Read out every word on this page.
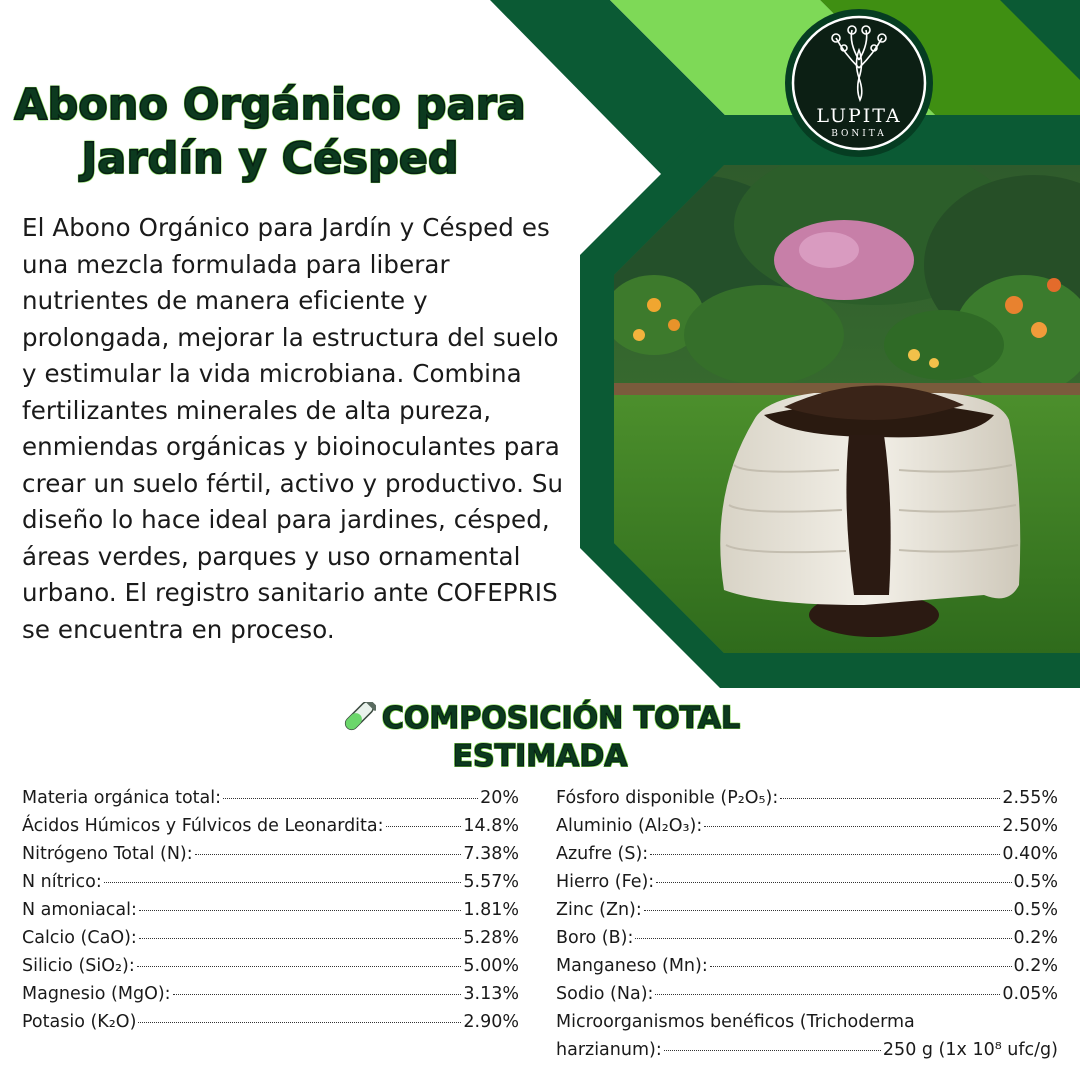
LUPITA
BONITA
Abono Orgánico para
Jardín y Césped

El Abono Orgánico para Jardín y Césped es una mezcla formulada para liberar nutrientes de manera eficiente y prolongada, mejorar la estructura del suelo y estimular la vida microbiana. Combina fertilizantes minerales de alta pureza, enmiendas orgánicas y bioinoculantes para crear un suelo fértil, activo y productivo. Su diseño lo hace ideal para jardines, césped, áreas verdes, parques y uso ornamental urbano. El registro sanitario ante COFEPRIS se encuentra en proceso.

COMPOSICIÓN TOTAL
ESTIMADA
Materia orgánica total:	20%
Ácidos Húmicos y Fúlvicos de Leonardita:	14.8%
Nitrógeno Total (N):	7.38%
N nítrico:	5.57%
N amoniacal:	1.81%
Calcio (CaO):	5.28%
Silicio (SiO₂):	5.00%
Magnesio (MgO):	3.13%
Potasio (K₂O)	2.90%
Fósforo disponible (P₂O₅):	2.55%
Aluminio (Al₂O₃):	2.50%
Azufre (S):	0.40%
Hierro (Fe):	0.5%
Zinc (Zn):	0.5%
Boro (B):	0.2%
Manganeso (Mn):	0.2%
Sodio (Na):	0.05%
Microorganismos benéficos (Trichoderma
harzianum):	250 g (1x 10⁸ ufc/g)
